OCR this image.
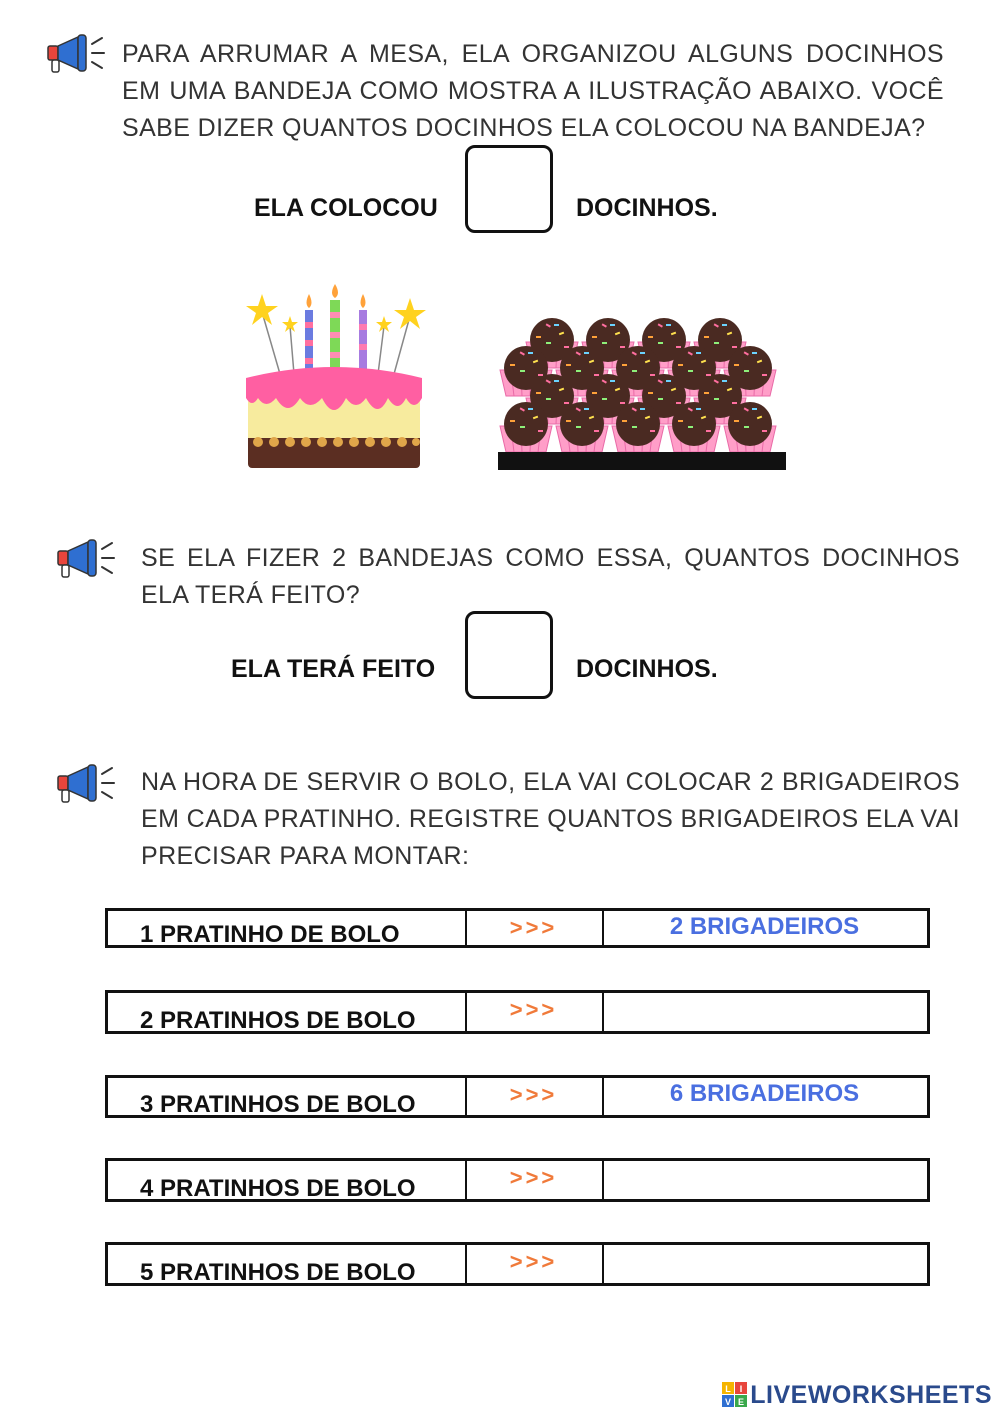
PARA ARRUMAR A MESA, ELA ORGANIZOU ALGUNS DOCINHOS EM UMA BANDEJA COMO MOSTRA A ILUSTRAÇÃO ABAIXO. VOCÊ SABE DIZER QUANTOS DOCINHOS ELA COLOCOU NA BANDEJA?
ELA COLOCOU	DOCINHOS.
SE ELA FIZER 2 BANDEJAS COMO ESSA, QUANTOS DOCINHOS ELA TERÁ FEITO?
ELA TERÁ FEITO	DOCINHOS.
NA HORA DE SERVIR O BOLO, ELA VAI COLOCAR 2 BRIGADEIROS EM CADA PRATINHO. REGISTRE QUANTOS BRIGADEIROS ELA VAI PRECISAR PARA MONTAR:
1 PRATINHO DE BOLO	>>>	2 BRIGADEIROS
2 PRATINHOS DE BOLO	>>>
3 PRATINHOS DE BOLO	>>>	6 BRIGADEIROS
4 PRATINHOS DE BOLO	>>>
5 PRATINHOS DE BOLO	>>>
L I
V E LIVEWORKSHEETS
